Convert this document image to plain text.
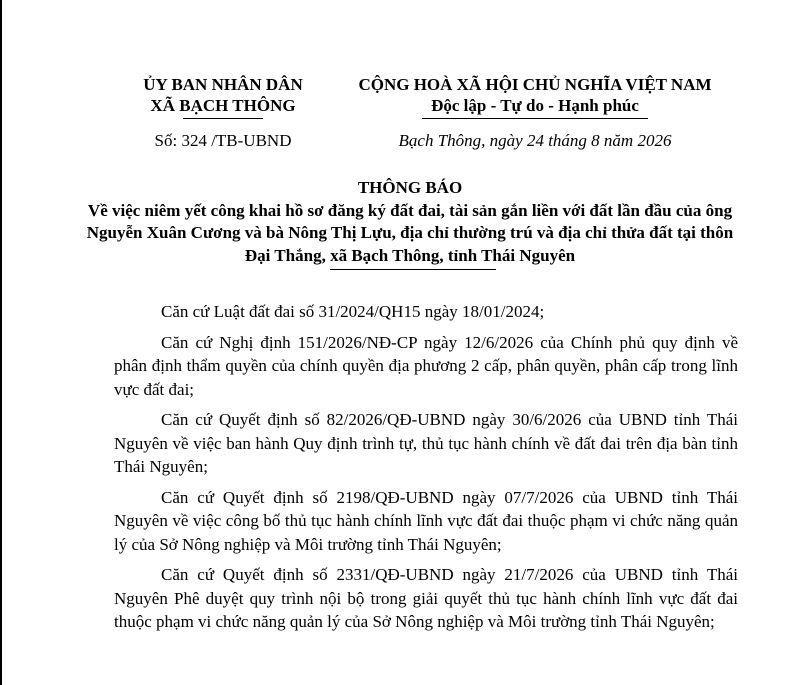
ỦY BAN NHÂN DÂN
XÃ BẠCH THÔNG
CỘNG HOÀ XÃ HỘI CHỦ NGHĨA VIỆT NAM
Độc lập - Tự do - Hạnh phúc
Số: 324 /TB-UBND	Bạch Thông, ngày 24 tháng 8 năm 2026
THÔNG BÁO
Về việc niêm yết công khai hồ sơ đăng ký đất đai, tài sản gắn liền với đất lần đầu của ông Nguyễn Xuân Cương và bà Nông Thị Lựu, địa chỉ thường trú và địa chỉ thửa đất tại thôn Đại Thắng, xã Bạch Thông, tỉnh Thái Nguyên

Căn cứ Luật đất đai số 31/2024/QH15 ngày 18/01/2024;

Căn cứ Nghị định 151/2026/NĐ-CP ngày 12/6/2026 của Chính phủ quy định về phân định thẩm quyền của chính quyền địa phương 2 cấp, phân quyền, phân cấp trong lĩnh vực đất đai;

Căn cứ Quyết định số 82/2026/QĐ-UBND ngày 30/6/2026 của UBND tỉnh Thái Nguyên về việc ban hành Quy định trình tự, thủ tục hành chính về đất đai trên địa bàn tỉnh Thái Nguyên;

Căn cứ Quyết định số 2198/QĐ-UBND ngày 07/7/2026 của UBND tỉnh Thái Nguyên về việc công bố thủ tục hành chính lĩnh vực đất đai thuộc phạm vi chức năng quản lý của Sở Nông nghiệp và Môi trường tỉnh Thái Nguyên;

Căn cứ Quyết định số 2331/QĐ-UBND ngày 21/7/2026 của UBND tỉnh Thái Nguyên Phê duyệt quy trình nội bộ trong giải quyết thủ tục hành chính lĩnh vực đất đai thuộc phạm vi chức năng quản lý của Sở Nông nghiệp và Môi trường tỉnh Thái Nguyên;
